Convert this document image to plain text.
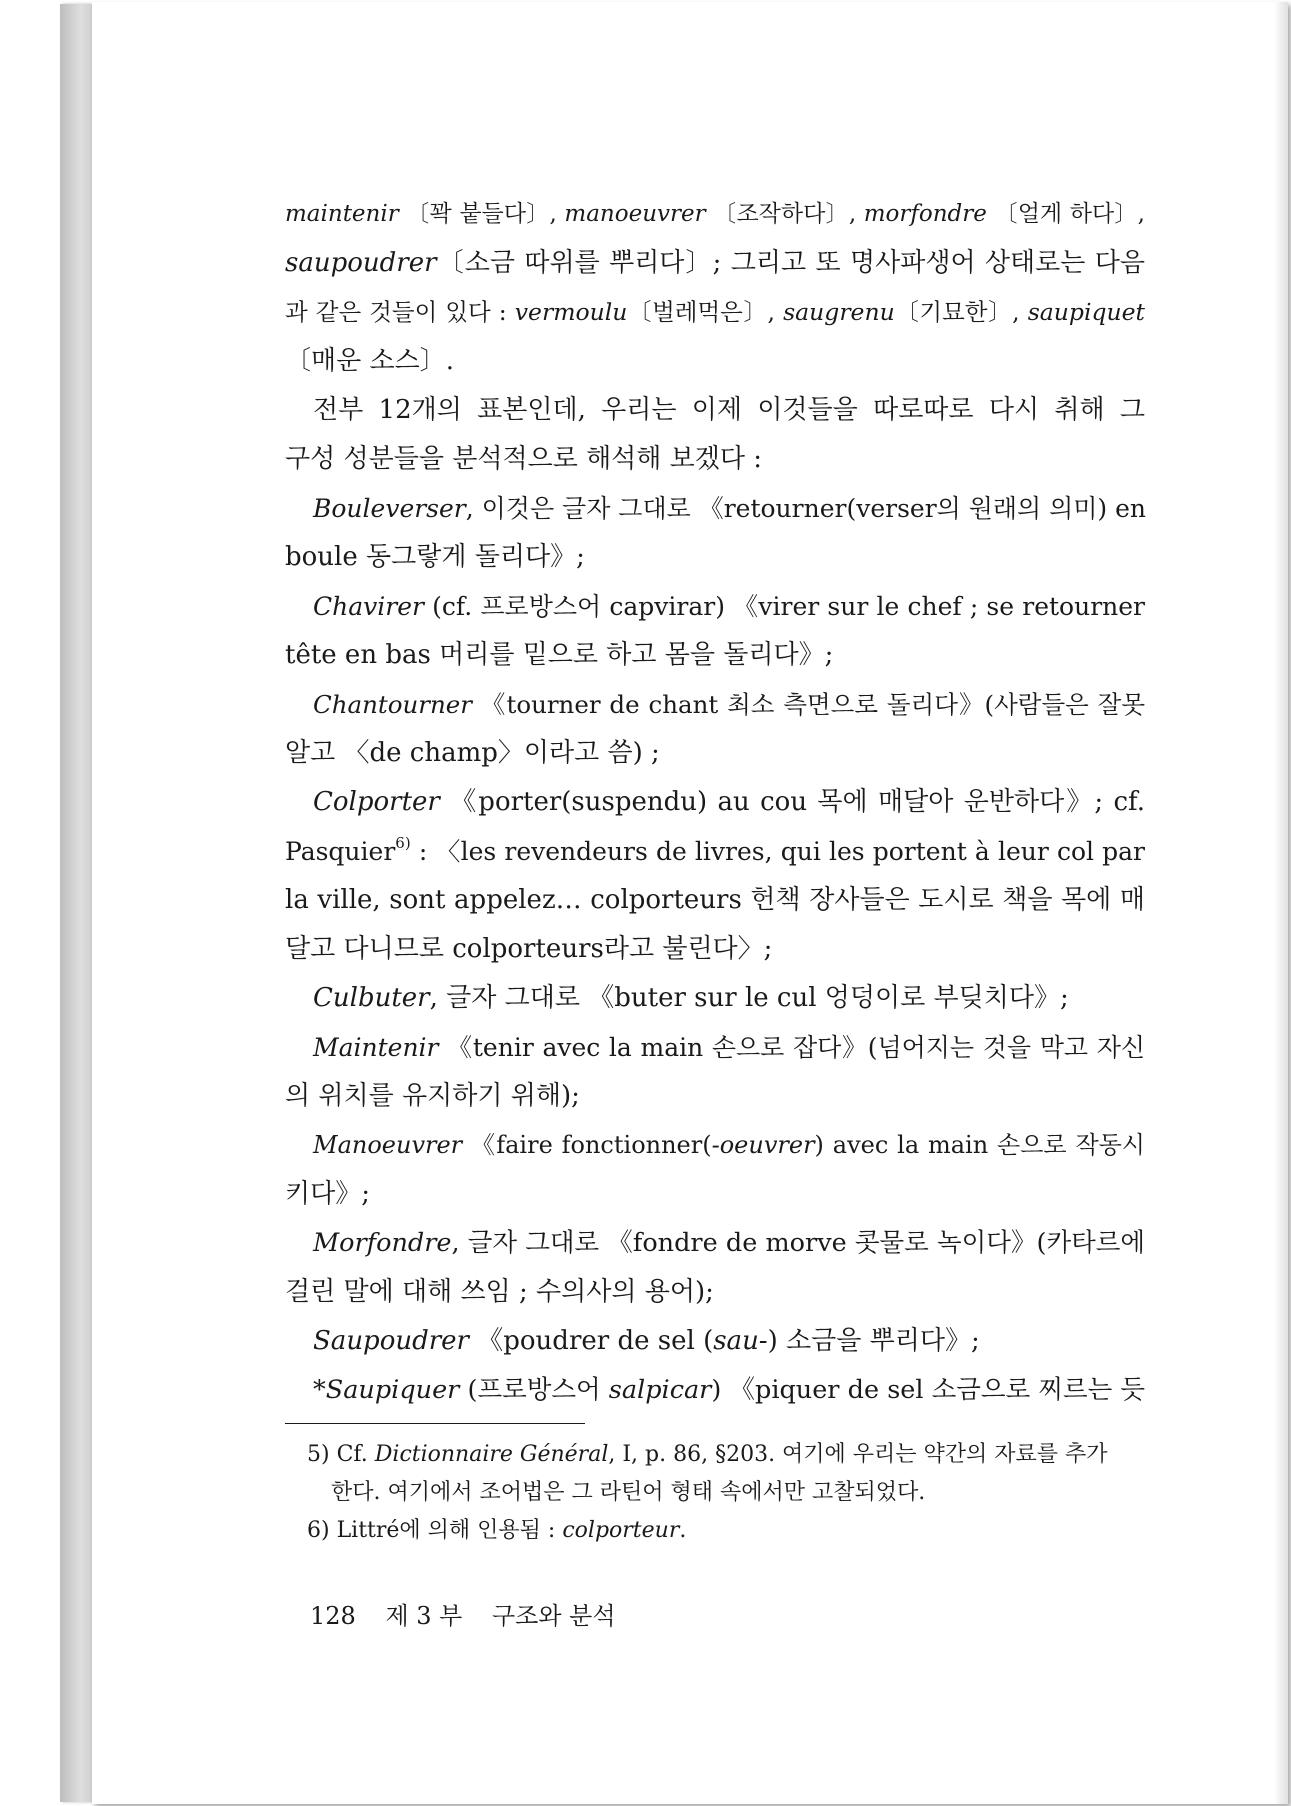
maintenir 〔꽉 붙들다〕, manoeuvrer 〔조작하다〕, morfondre 〔얼게 하다〕,
saupoudrer〔소금 따위를 뿌리다〕; 그리고 또 명사파생어 상태로는 다음
과 같은 것들이 있다 : vermoulu〔벌레먹은〕, saugrenu〔기묘한〕, saupiquet
〔매운 소스〕.
전부 12개의 표본인데, 우리는 이제 이것들을 따로따로 다시 취해 그
구성 성분들을 분석적으로 해석해 보겠다 :
Bouleverser, 이것은 글자 그대로 《retourner(verser의 원래의 의미) en
boule 동그랗게 돌리다》;
Chavirer (cf. 프로방스어 capvirar) 《virer sur le chef ; se retourner
tête en bas 머리를 밑으로 하고 몸을 돌리다》;
Chantourner 《tourner de chant 최소 측면으로 돌리다》(사람들은 잘못
알고 〈de champ〉이라고 씀) ;
Colporter 《porter(suspendu) au cou 목에 매달아 운반하다》; cf.
Pasquier$^{6)}$ : 〈les revendeurs de livres, qui les portent à leur col par
la ville, sont appelez… colporteurs 헌책 장사들은 도시로 책을 목에 매
달고 다니므로 colporteurs라고 불린다〉;
Culbuter, 글자 그대로 《buter sur le cul 엉덩이로 부딪치다》;
Maintenir 《tenir avec la main 손으로 잡다》(넘어지는 것을 막고 자신
의 위치를 유지하기 위해);
Manoeuvrer 《faire fonctionner(-oeuvrer) avec la main 손으로 작동시
키다》;
Morfondre, 글자 그대로 《fondre de morve 콧물로 녹이다》(카타르에
걸린 말에 대해 쓰임 ; 수의사의 용어);
Saupoudrer 《poudrer de sel (sau-) 소금을 뿌리다》;
*Saupiquer (프로방스어 salpicar) 《piquer de sel 소금으로 찌르는 듯
5) Cf. Dictionnaire Général, I, p. 86, §203. 여기에 우리는 약간의 자료를 추가
한다. 여기에서 조어법은 그 라틴어 형태 속에서만 고찰되었다.
6) Littré에 의해 인용됨 : colporteur.
128 제 3 부 구조와 분석
